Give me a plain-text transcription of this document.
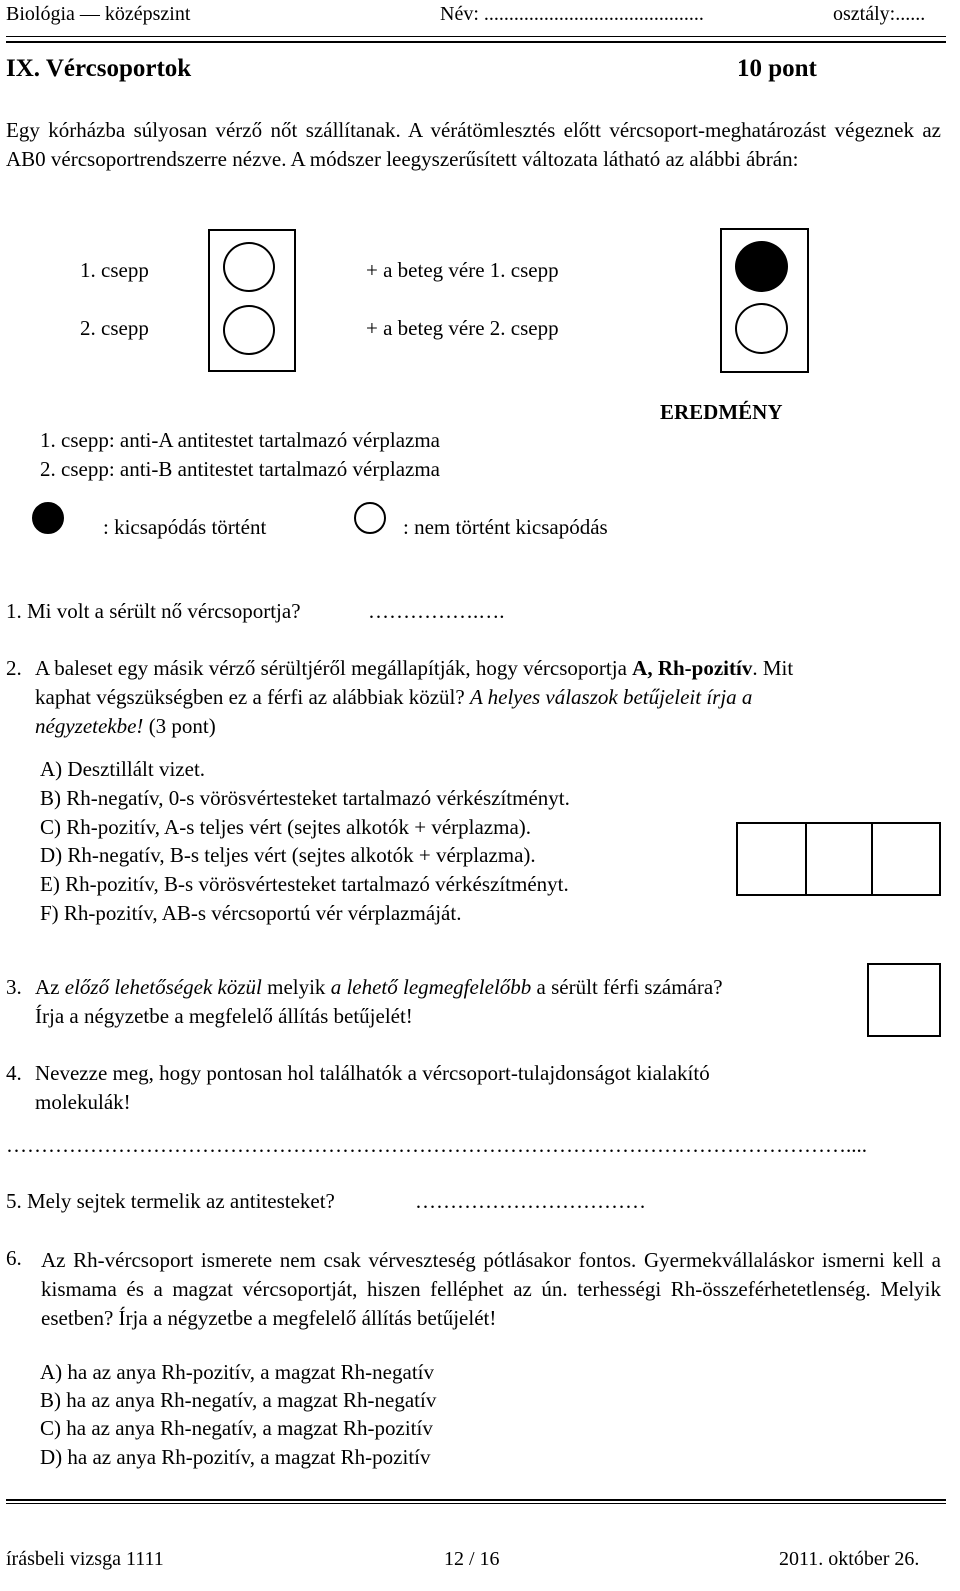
Biológia — középszint	Név: ............................................	osztály:......
IX. Vércsoportok	10 pont
Egy kórházba súlyosan vérző nőt szállítanak. A vérátömlesztés előtt vércsoport-meghatározást végeznek az AB0 vércsoportrendszerre nézve. A módszer leegyszerűsített változata látható az alábbi ábrán:
1. csepp
2. csepp
+ a beteg vére 1. csepp
+ a beteg vére 2. csepp
EREDMÉNY
1. csepp: anti-A antitestet tartalmazó vérplazma
2. csepp: anti-B antitestet tartalmazó vérplazma
: kicsapódás történt	: nem történt kicsapódás
1. Mi volt a sérült nő vércsoportja?	…………….….
2. A baleset egy másik vérző sérültjéről megállapítják, hogy vércsoportja A, Rh-pozitív. Mit
kaphat végszükségben ez a férfi az alábbiak közül? A helyes válaszok betűjeleit írja a
négyzetekbe! (3 pont)
A) Desztillált vizet.
B) Rh-negatív, 0-s vörösvértesteket tartalmazó vérkészítményt.
C) Rh-pozitív, A-s teljes vért (sejtes alkotók + vérplazma).
D) Rh-negatív, B-s teljes vért (sejtes alkotók + vérplazma).
E) Rh-pozitív, B-s vörösvértesteket tartalmazó vérkészítményt.
F) Rh-pozitív, AB-s vércsoportú vér vérplazmáját.
3. Az előző lehetőségek közül melyik a lehető legmegfelelőbb a sérült férfi számára?
Írja a négyzetbe a megfelelő állítás betűjelét!
4. Nevezze meg, hogy pontosan hol találhatók a vércsoport-tulajdonságot kialakító
molekulák!
…………………………………………………………………………………………………………....
5. Mely sejtek termelik az antitesteket?	……………………………
6. Az Rh-vércsoport ismerete nem csak vérveszteség pótlásakor fontos. Gyermekvállaláskor ismerni kell a kismama és a magzat vércsoportját, hiszen felléphet az ún. terhességi Rh-összeférhetetlenség. Melyik esetben? Írja a négyzetbe a megfelelő állítás betűjelét!
A) ha az anya Rh-pozitív, a magzat Rh-negatív
B) ha az anya Rh-negatív, a magzat Rh-negatív
C) ha az anya Rh-negatív, a magzat Rh-pozitív
D) ha az anya Rh-pozitív, a magzat Rh-pozitív
írásbeli vizsga 1111	12 / 16	2011. október 26.
